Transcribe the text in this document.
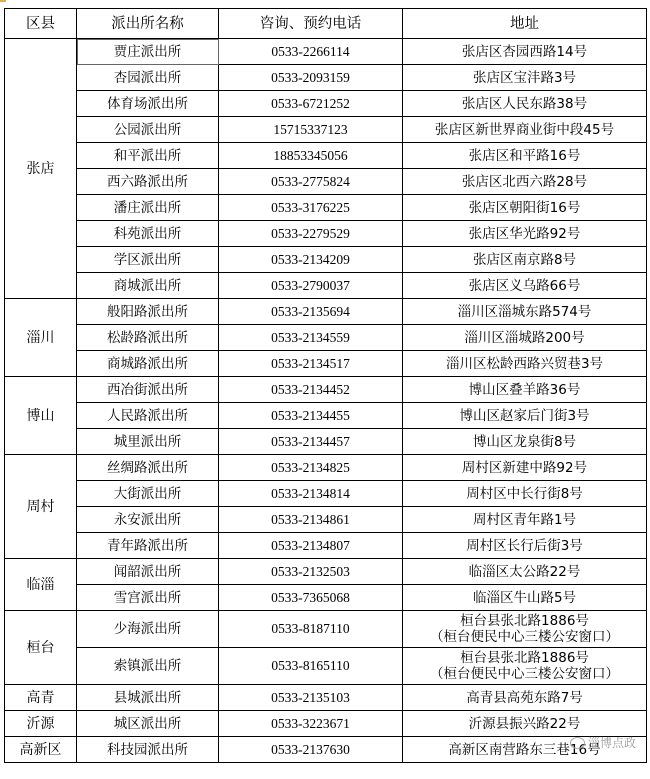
区县	派出所名称	咨询、预约电话	地址
张店	贾庄派出所	0533-2266114	张店区杏园西路14号

	杏园派出所	0533-2093159	张店区宝沣路3号

	体育场派出所	0533-6721252	张店区人民东路38号

	公园派出所	15715337123	张店区新世界商业街中段45号

	和平派出所	18853345056	张店区和平路16号

	西六路派出所	0533-2775824	张店区北西六路28号

	潘庄派出所	0533-3176225	张店区朝阳街16号

	科苑派出所	0533-2279529	张店区华光路92号

	学区派出所	0533-2134209	张店区南京路8号

	商城派出所	0533-2790037	张店区义乌路66号

淄川	般阳路派出所	0533-2135694	淄川区淄城东路574号

	松龄路派出所	0533-2134559	淄川区淄城路200号

	商城路派出所	0533-2134517	淄川区松龄西路兴贸巷3号

博山	西冶街派出所	0533-2134452	博山区叠羊路36号

	人民路派出所	0533-2134455	博山区赵家后门街3号

	城里派出所	0533-2134457	博山区龙泉街8号

周村	丝绸路派出所	0533-2134825	周村区新建中路92号

	大街派出所	0533-2134814	周村区中长行街8号

	永安派出所	0533-2134861	周村区青年路1号

	青年路派出所	0533-2134807	周村区长行后街3号

临淄	闻韶派出所	0533-2132503	临淄区太公路22号

	雪宫派出所	0533-7365068	临淄区牛山路5号

桓台	少海派出所	0533-8187110	桓台县张北路1886号
（桓台便民中心三楼公安窗口）

	索镇派出所	0533-8165110	桓台县张北路1886号
（桓台便民中心三楼公安窗口）

高青	县城派出所	0533-2135103	高青县高苑东路7号

沂源	城区派出所	0533-3223671	沂源县振兴路22号

高新区	科技园派出所	0533-2137630	高新区南营路东三巷16号
淄博点政
